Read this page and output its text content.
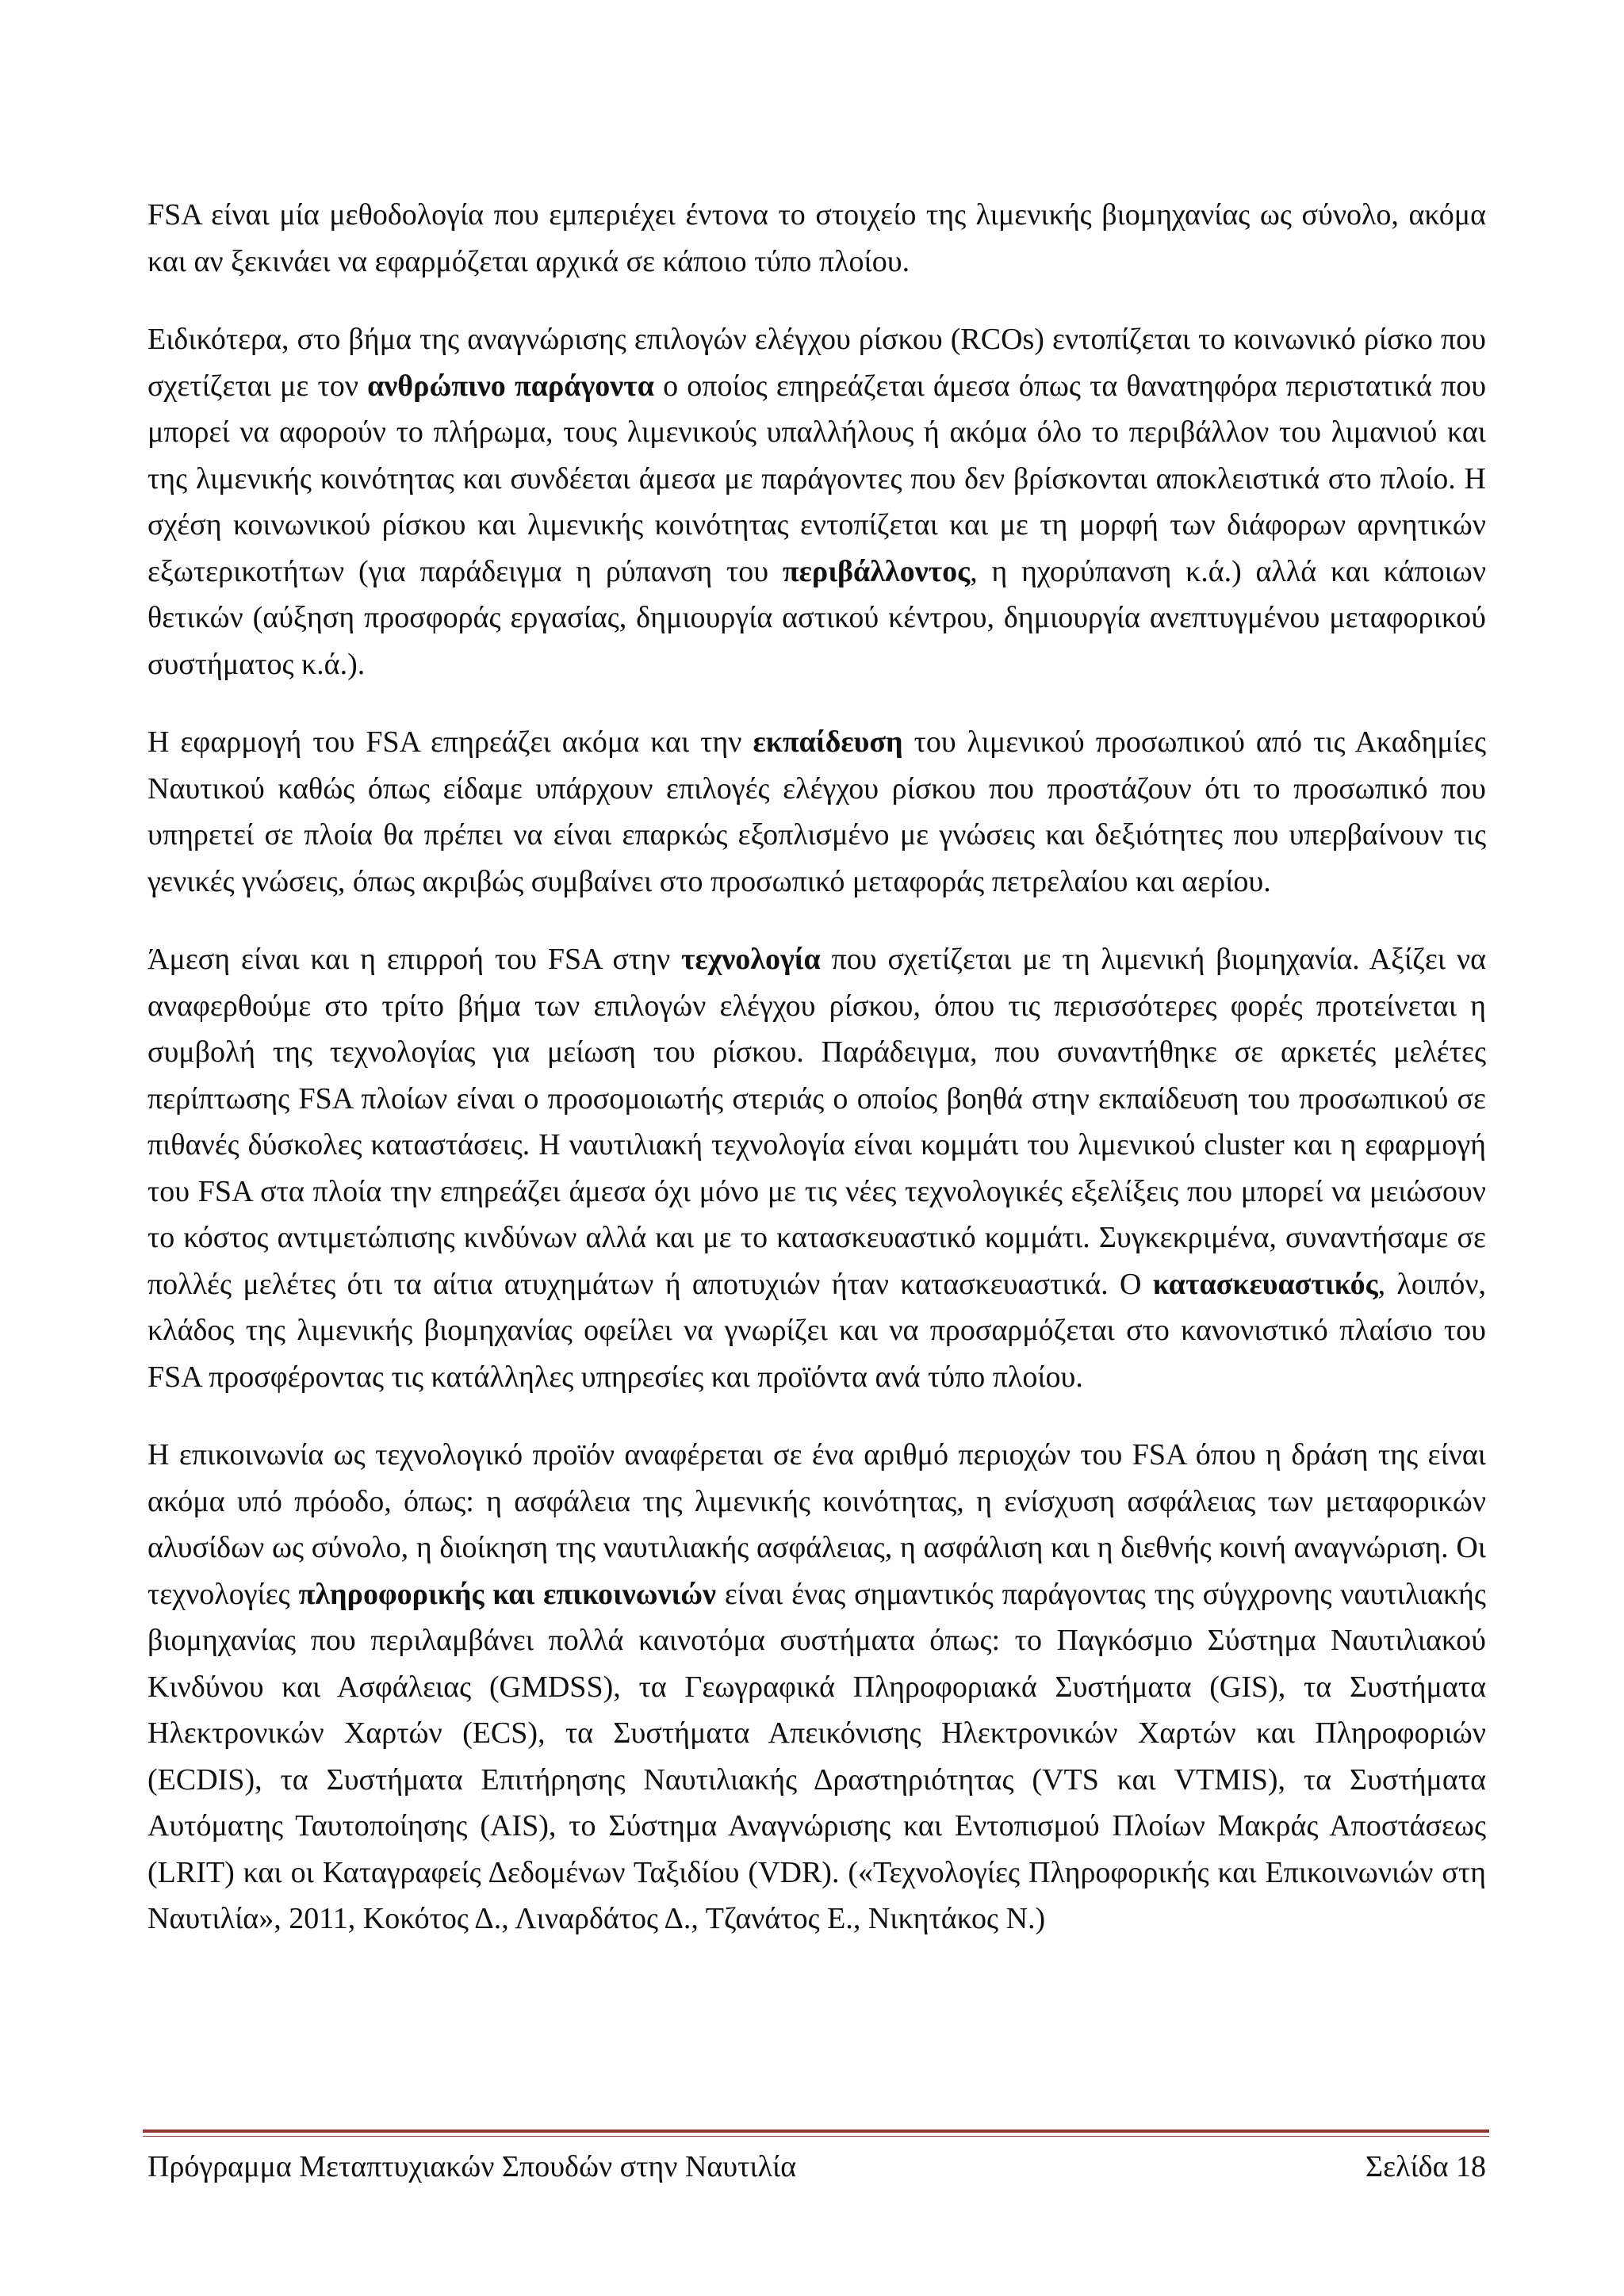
FSA είναι μία μεθοδολογία που εμπεριέχει έντονα το στοιχείο της λιμενικής βιομηχανίας ως σύνολο, ακόμα και αν ξεκινάει να εφαρμόζεται αρχικά σε κάποιο τύπο πλοίου.

Ειδικότερα, στο βήμα της αναγνώρισης επιλογών ελέγχου ρίσκου (RCOs) εντοπίζεται το κοινωνικό ρίσκο που σχετίζεται με τον ανθρώπινο παράγοντα ο οποίος επηρεάζεται άμεσα όπως τα θανατηφόρα περιστατικά που μπορεί να αφορούν το πλήρωμα, τους λιμενικούς υπαλλήλους ή ακόμα όλο το περιβάλλον του λιμανιού και της λιμενικής κοινότητας και συνδέεται άμεσα με παράγοντες που δεν βρίσκονται αποκλειστικά στο πλοίο. Η σχέση κοινωνικού ρίσκου και λιμενικής κοινότητας εντοπίζεται και με τη μορφή των διάφορων αρνητικών εξωτερικοτήτων (για παράδειγμα η ρύπανση του περιβάλλοντος, η ηχορύπανση κ.ά.) αλλά και κάποιων θετικών (αύξηση προσφοράς εργασίας, δημιουργία αστικού κέντρου, δημιουργία ανεπτυγμένου μεταφορικού συστήματος κ.ά.).

Η εφαρμογή του FSA επηρεάζει ακόμα και την εκπαίδευση του λιμενικού προσωπικού από τις Ακαδημίες Ναυτικού καθώς όπως είδαμε υπάρχουν επιλογές ελέγχου ρίσκου που προστάζουν ότι το προσωπικό που υπηρετεί σε πλοία θα πρέπει να είναι επαρκώς εξοπλισμένο με γνώσεις και δεξιότητες που υπερβαίνουν τις γενικές γνώσεις, όπως ακριβώς συμβαίνει στο προσωπικό μεταφοράς πετρελαίου και αερίου.

Άμεση είναι και η επιρροή του FSA στην τεχνολογία που σχετίζεται με τη λιμενική βιομηχανία. Αξίζει να αναφερθούμε στο τρίτο βήμα των επιλογών ελέγχου ρίσκου, όπου τις περισσότερες φορές προτείνεται η συμβολή της τεχνολογίας για μείωση του ρίσκου. Παράδειγμα, που συναντήθηκε σε αρκετές μελέτες περίπτωσης FSA πλοίων είναι ο προσομοιωτής στεριάς ο οποίος βοηθά στην εκπαίδευση του προσωπικού σε πιθανές δύσκολες καταστάσεις. Η ναυτιλιακή τεχνολογία είναι κομμάτι του λιμενικού cluster και η εφαρμογή του FSA στα πλοία την επηρεάζει άμεσα όχι μόνο με τις νέες τεχνολογικές εξελίξεις που μπορεί να μειώσουν το κόστος αντιμετώπισης κινδύνων αλλά και με το κατασκευαστικό κομμάτι. Συγκεκριμένα, συναντήσαμε σε πολλές μελέτες ότι τα αίτια ατυχημάτων ή αποτυχιών ήταν κατασκευαστικά. Ο κατασκευαστικός, λοιπόν, κλάδος της λιμενικής βιομηχανίας οφείλει να γνωρίζει και να προσαρμόζεται στο κανονιστικό πλαίσιο του FSA προσφέροντας τις κατάλληλες υπηρεσίες και προϊόντα ανά τύπο πλοίου.

Η επικοινωνία ως τεχνολογικό προϊόν αναφέρεται σε ένα αριθμό περιοχών του FSA όπου η δράση της είναι ακόμα υπό πρόοδο, όπως: η ασφάλεια της λιμενικής κοινότητας, η ενίσχυση ασφάλειας των μεταφορικών αλυσίδων ως σύνολο, η διοίκηση της ναυτιλιακής ασφάλειας, η ασφάλιση και η διεθνής κοινή αναγνώριση. Οι τεχνολογίες πληροφορικής και επικοινωνιών είναι ένας σημαντικός παράγοντας της σύγχρονης ναυτιλιακής βιομηχανίας που περιλαμβάνει πολλά καινοτόμα συστήματα όπως: το Παγκόσμιο Σύστημα Ναυτιλιακού Κινδύνου και Ασφάλειας (GMDSS), τα Γεωγραφικά Πληροφοριακά Συστήματα (GIS), τα Συστήματα Ηλεκτρονικών Χαρτών (ECS), τα Συστήματα Απεικόνισης Ηλεκτρονικών Χαρτών και Πληροφοριών (ECDIS), τα Συστήματα Επιτήρησης Ναυτιλιακής Δραστηριότητας (VTS και VTMIS), τα Συστήματα Αυτόματης Ταυτοποίησης (AIS), το Σύστημα Αναγνώρισης και Εντοπισμού Πλοίων Μακράς Αποστάσεως (LRIT) και οι Καταγραφείς Δεδομένων Ταξιδίου (VDR). («Τεχνολογίες Πληροφορικής και Επικοινωνιών στη Ναυτιλία», 2011, Κοκότος Δ., Λιναρδάτος Δ., Τζανάτος Ε., Νικητάκος Ν.)

Πρόγραμμα Μεταπτυχιακών Σπουδών στην Ναυτιλία	Σελίδα 18
